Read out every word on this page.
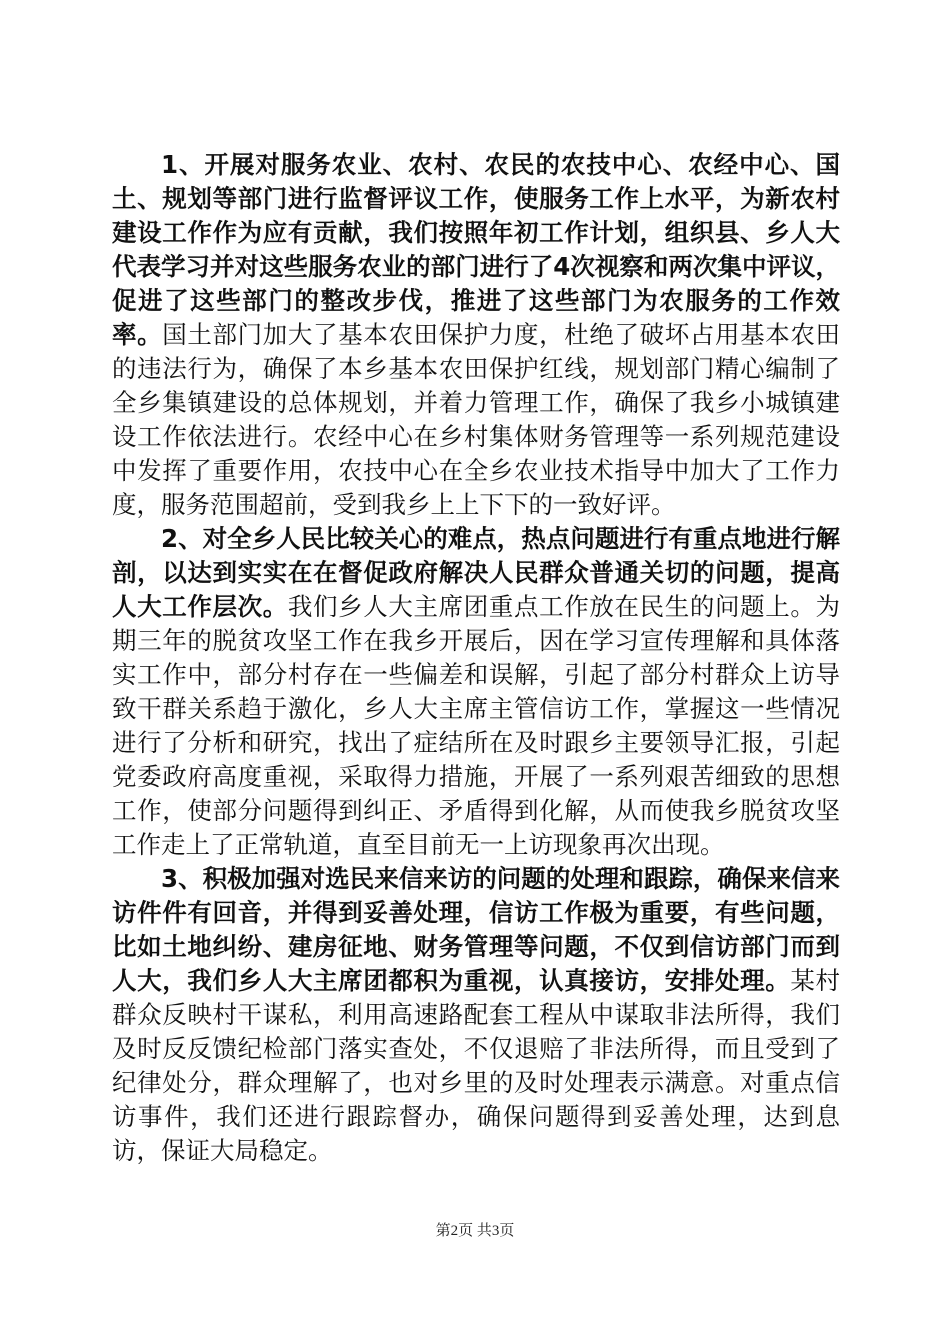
1、开展对服务农业、农村、农民的农技中心、农经中心、国土、规划等部门进行监督评议工作，使服务工作上水平，为新农村建设工作作为应有贡献，我们按照年初工作计划，组织县、乡人大代表学习并对这些服务农业的部门进行了4次视察和两次集中评议，促进了这些部门的整改步伐，推进了这些部门为农服务的工作效率。国土部门加大了基本农田保护力度，杜绝了破坏占用基本农田的违法行为，确保了本乡基本农田保护红线，规划部门精心编制了全乡集镇建设的总体规划，并着力管理工作，确保了我乡小城镇建设工作依法进行。农经中心在乡村集体财务管理等一系列规范建设中发挥了重要作用，农技中心在全乡农业技术指导中加大了工作力度，服务范围超前，受到我乡上上下下的一致好评。

2、对全乡人民比较关心的难点，热点问题进行有重点地进行解剖，以达到实实在在督促政府解决人民群众普通关切的问题，提高人大工作层次。我们乡人大主席团重点工作放在民生的问题上。为期三年的脱贫攻坚工作在我乡开展后，因在学习宣传理解和具体落实工作中，部分村存在一些偏差和误解，引起了部分村群众上访导致干群关系趋于激化，乡人大主席主管信访工作，掌握这一些情况进行了分析和研究，找出了症结所在及时跟乡主要领导汇报，引起党委政府高度重视，采取得力措施，开展了一系列艰苦细致的思想工作，使部分问题得到纠正、矛盾得到化解，从而使我乡脱贫攻坚工作走上了正常轨道，直至目前无一上访现象再次出现。

3、积极加强对选民来信来访的问题的处理和跟踪，确保来信来访件件有回音，并得到妥善处理，信访工作极为重要，有些问题，比如土地纠纷、建房征地、财务管理等问题，不仅到信访部门而到人大，我们乡人大主席团都积为重视，认真接访，安排处理。某村群众反映村干谋私，利用高速路配套工程从中谋取非法所得，我们及时反反馈纪检部门落实查处，不仅退赔了非法所得，而且受到了纪律处分，群众理解了，也对乡里的及时处理表示满意。对重点信访事件，我们还进行跟踪督办，确保问题得到妥善处理，达到息访，保证大局稳定。

第2页 共3页
